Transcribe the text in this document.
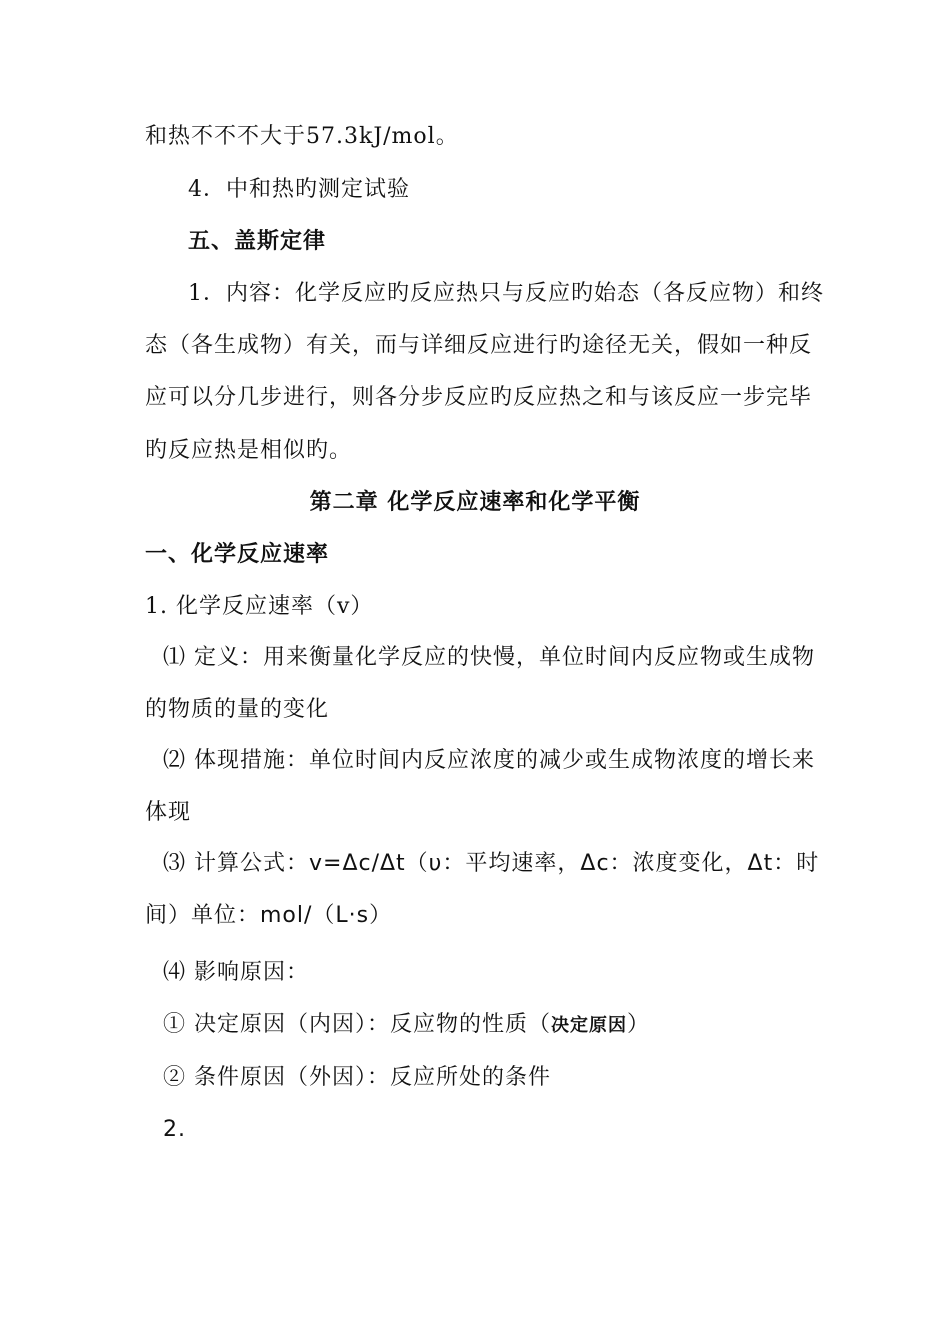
和热不不不大于57.3kJ/mol。
4．中和热旳测定试验
五、盖斯定律
1．内容：化学反应旳反应热只与反应旳始态（各反应物）和终
态（各生成物）有关，而与详细反应进行旳途径无关，假如一种反
应可以分几步进行，则各分步反应旳反应热之和与该反应一步完毕
旳反应热是相似旳。
第二章 化学反应速率和化学平衡
一、化学反应速率
1. 化学反应速率（v）
⑴ 定义：用来衡量化学反应的快慢，单位时间内反应物或生成物
的物质的量的变化
⑵ 体现措施：单位时间内反应浓度的减少或生成物浓度的增长来
体现
⑶ 计算公式：v=Δc/Δt（υ：平均速率，Δc：浓度变化，Δt：时
间）单位：mol/（L·s）
⑷ 影响原因：
① 决定原因（内因）：反应物的性质（决定原因）
② 条件原因（外因）：反应所处的条件
2.
